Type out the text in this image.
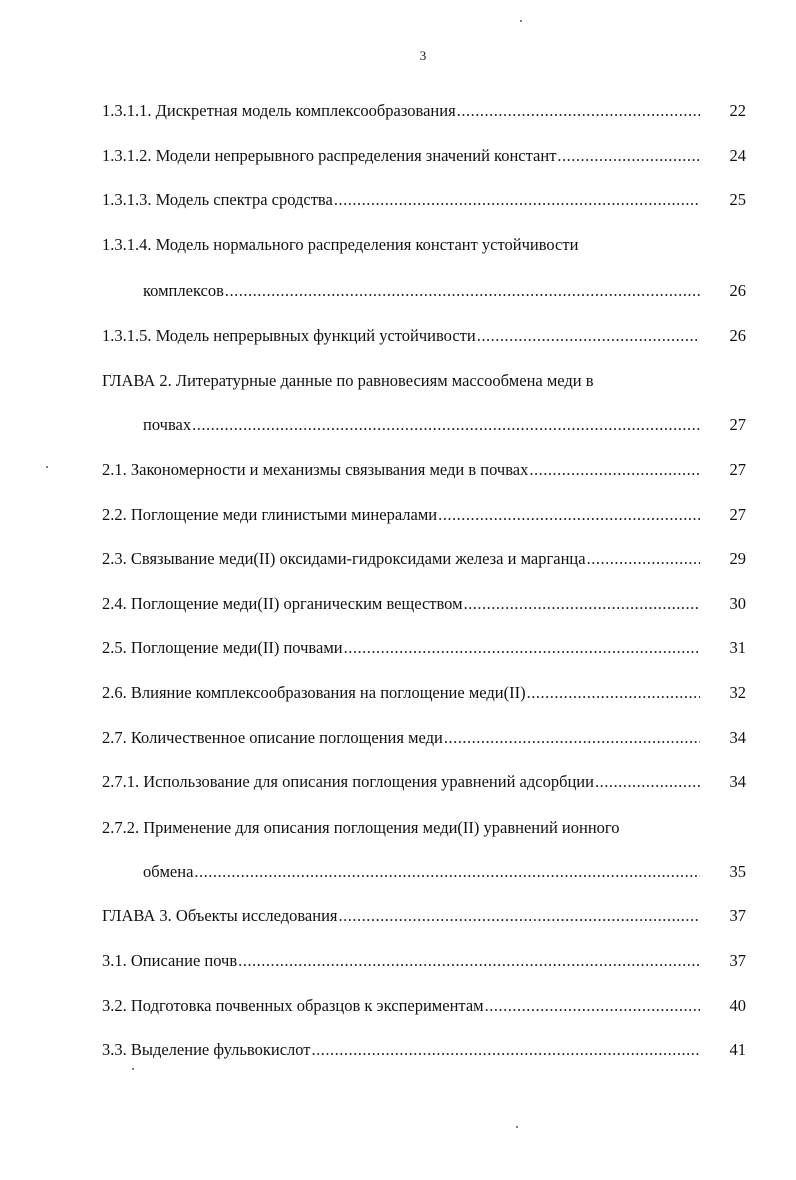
3
1.3.1.1. Дискретная модель комплексообразования .....	22
1.3.1.2. Модели непрерывного распределения значений констант .....	24
1.3.1.3. Модель спектра сродства .....	25
1.3.1.4. Модель нормального распределения констант устойчивости
комплексов .....	26
1.3.1.5. Модель непрерывных функций устойчивости .....	26
ГЛАВА 2. Литературные данные по равновесиям массообмена меди в
почвах .....	27
2.1. Закономерности и механизмы связывания меди в почвах .....	27
2.2. Поглощение меди глинистыми минералами .....	27
2.3. Связывание меди(II) оксидами-гидроксидами железа и марганца .....	29
2.4. Поглощение меди(II) органическим веществом .....	30
2.5. Поглощение меди(II) почвами .....	31
2.6. Влияние комплексообразования на поглощение меди(II) .....	32
2.7. Количественное описание поглощения меди .....	34
2.7.1. Использование для описания поглощения уравнений адсорбции .....	34
2.7.2. Применение для описания поглощения меди(II) уравнений ионного
обмена .....	35
ГЛАВА 3. Объекты исследования .....	37
3.1. Описание почв .....	37
3.2. Подготовка почвенных образцов к экспериментам .....	40
3.3. Выделение фульвокислот .....	41
